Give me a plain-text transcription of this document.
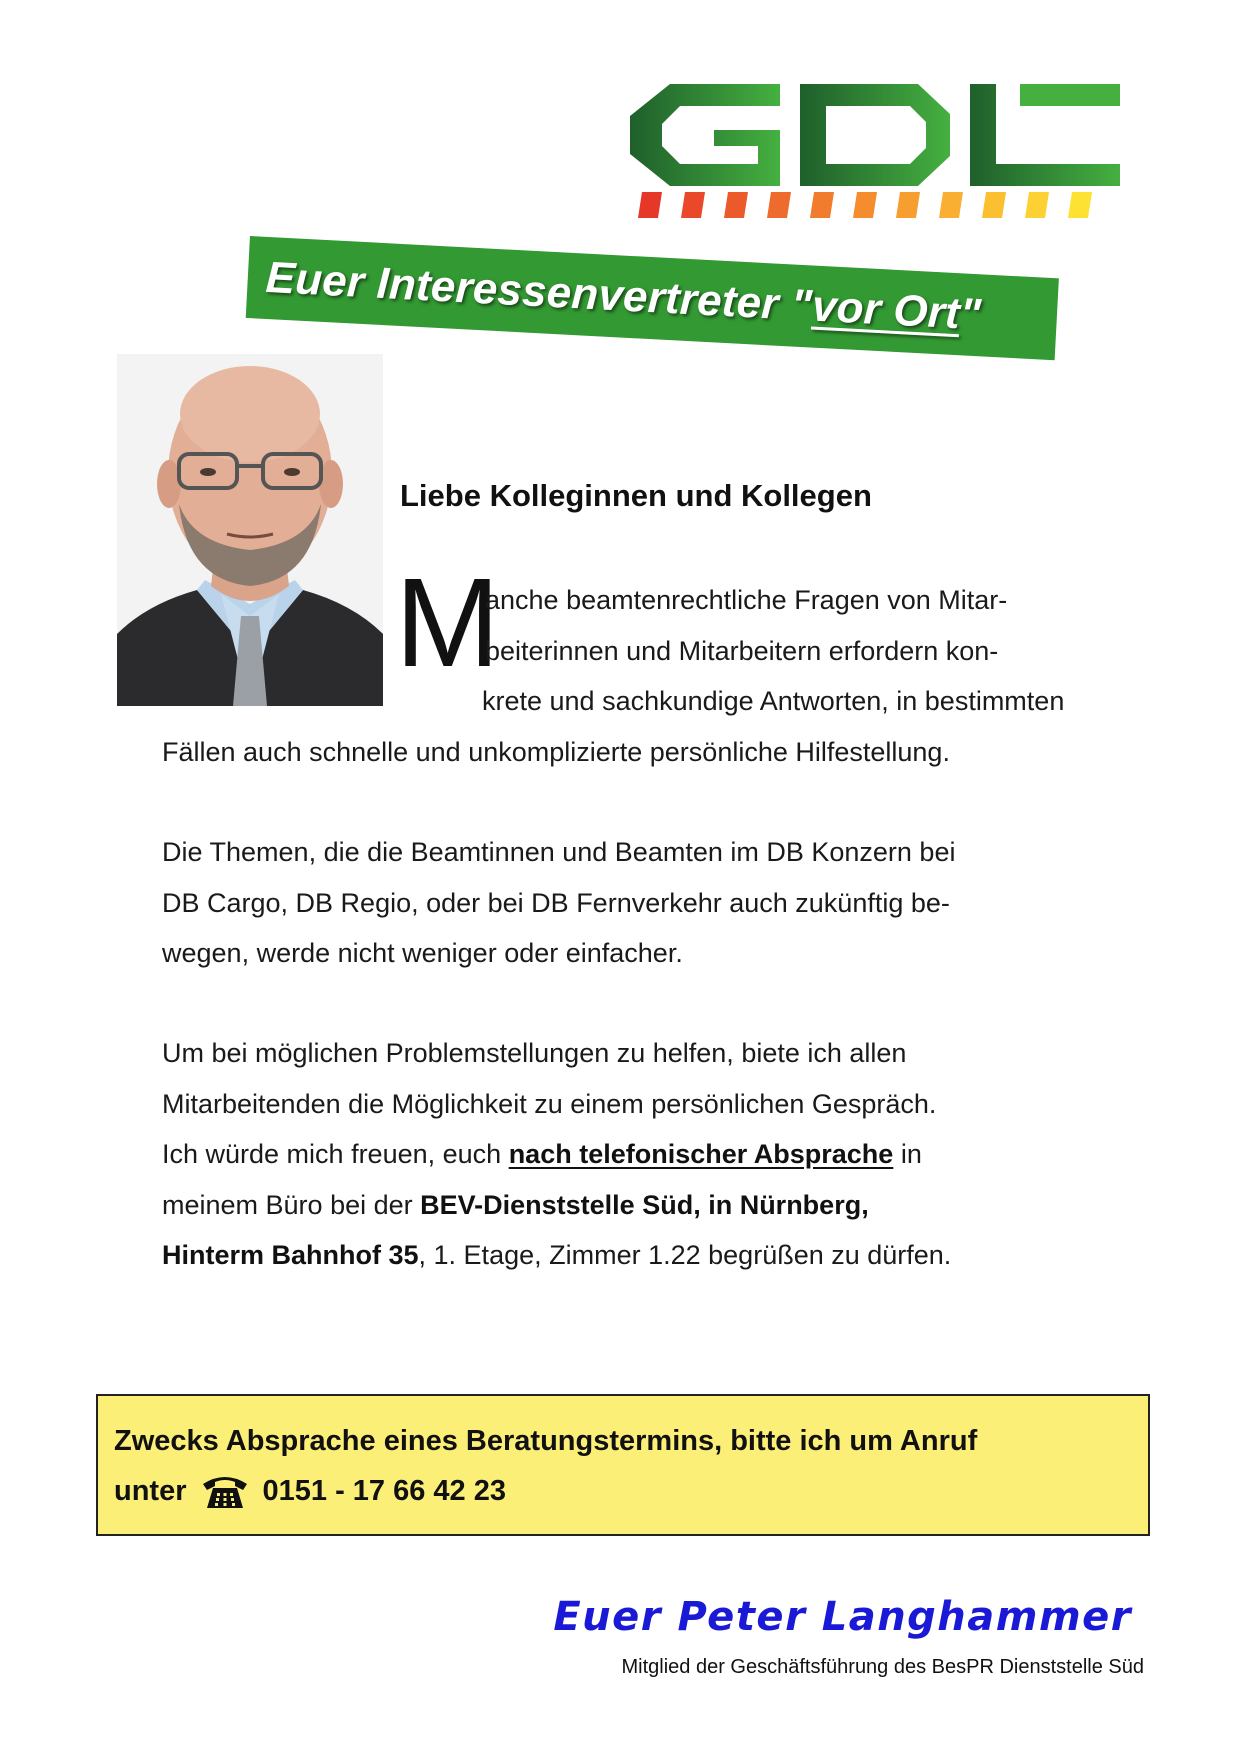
Euer Interessenvertreter "vor Ort"
Liebe Kolleginnen und Kollegen
M
anche beamtenrechtliche Fragen von Mitar-
beiterinnen und Mitarbeitern erfordern kon-
krete und sachkundige Antworten, in bestimmten
Fällen auch schnelle und unkomplizierte persönliche Hilfestellung.
Die Themen, die die Beamtinnen und Beamten im DB Konzern bei
DB Cargo, DB Regio, oder bei DB Fernverkehr auch zukünftig be-
wegen, werde nicht weniger oder einfacher.
Um bei möglichen Problemstellungen zu helfen, biete ich allen
Mitarbeitenden die Möglichkeit zu einem persönlichen Gespräch.
Ich würde mich freuen, euch nach telefonischer Absprache in
meinem Büro bei der BEV-Dienststelle Süd, in Nürnberg,
Hinterm Bahnhof 35, 1. Etage, Zimmer 1.22 begrüßen zu dürfen.
Zwecks Absprache eines Beratungstermins, bitte ich um Anruf
unter	0151 - 17 66 42 23
Euer Peter Langhammer
Mitglied der Geschäftsführung des BesPR Dienststelle Süd
